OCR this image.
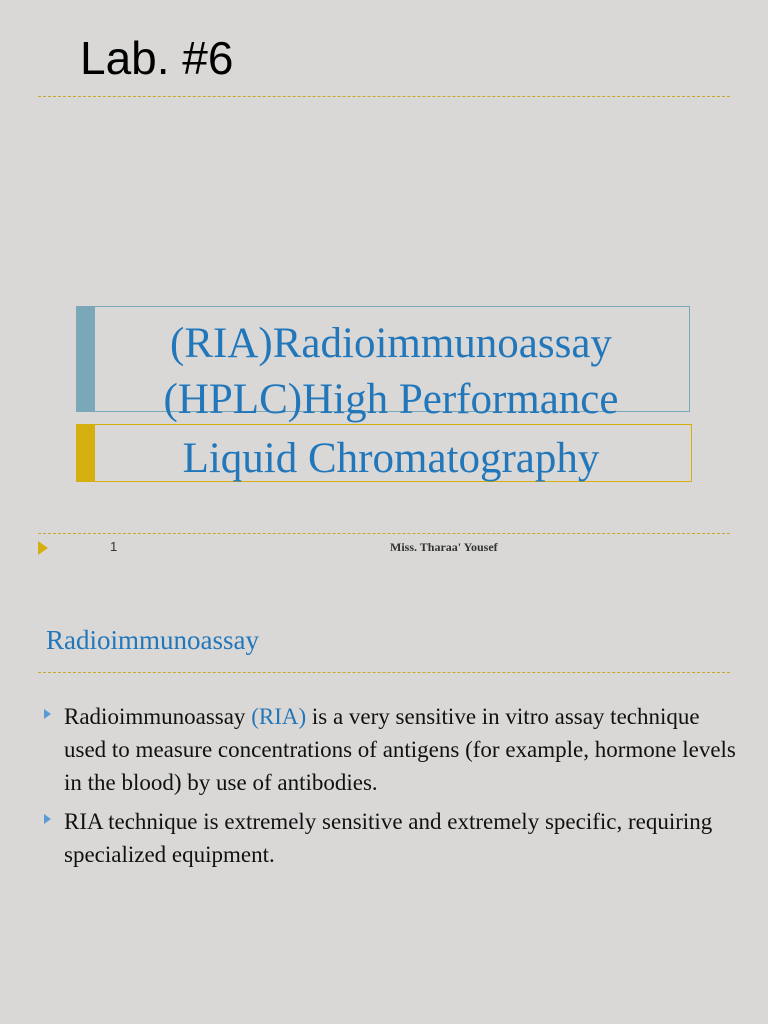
Lab. #6
(RIA)Radioimmunoassay
(HPLC)High Performance
Liquid Chromatography
1	Miss. Tharaa' Yousef
Radioimmunoassay
Radioimmunoassay (RIA) is a very sensitive in vitro assay technique used to measure concentrations of antigens (for example, hormone levels in the blood) by use of antibodies.
RIA technique is extremely sensitive and extremely specific, requiring specialized equipment.
